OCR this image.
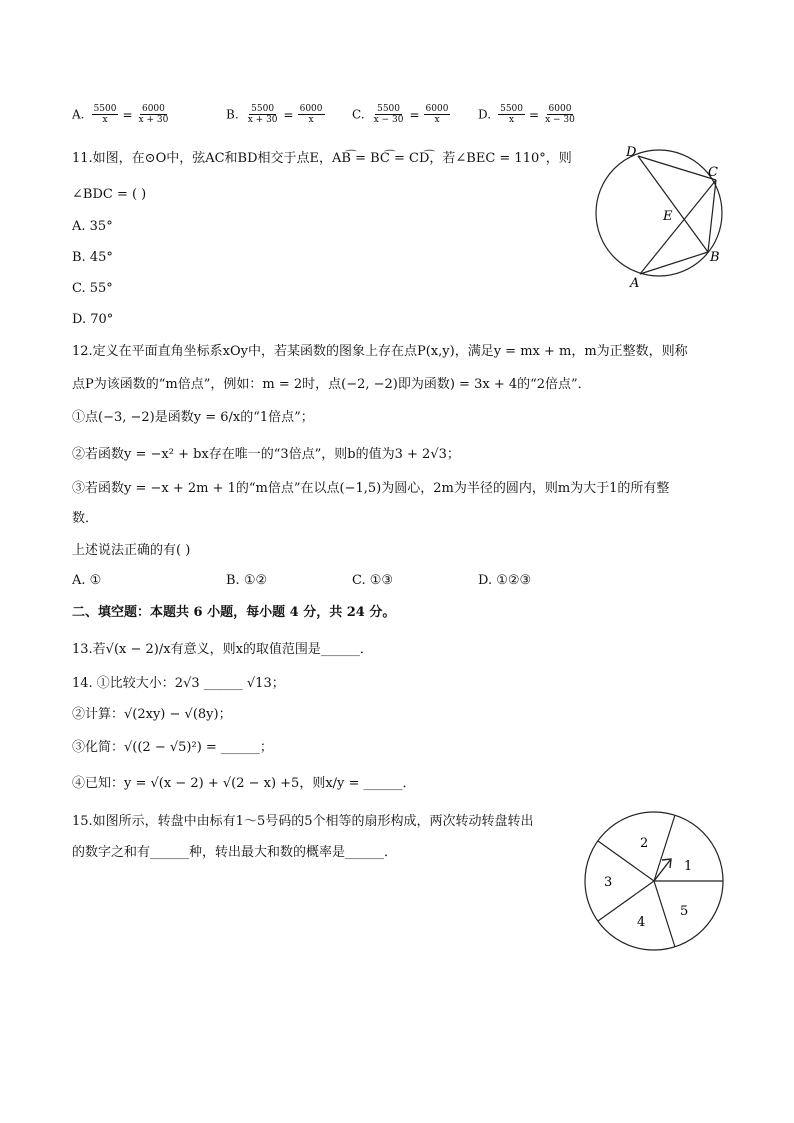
A. $\frac{5500}{x} = \frac{6000}{x + 30}$	B. $\frac{5500}{x + 30} = \frac{6000}{x} C$. $\frac{5500}{x - 30} = \frac{6000}{x} D$. $\frac{5500}{x} = \frac{6000}{x - 30}$
11.如图，在⊙O中，弦AC和BD相交于点E，AB͡ = BC͡ = CD͡，若∠BEC = 110°，则
∠BDC = ( )
A. 35°
B. 45°
C. 55°
D. 70°
D
C
E
B
A
12.定义在平面直角坐标系xOy中，若某函数的图象上存在点P(x,y)，满足y = mx + m，m为正整数，则称
点P为该函数的“m倍点”，例如：m = 2时，点(−2, −2)即为函数) = 3x + 4的“2倍点”．
①点(−3, −2)是函数y = 6/x的“1倍点”；
②若函数y = −x² + bx存在唯一的“3倍点”，则b的值为3 + 2√3；
③若函数y = −x + 2m + 1的“m倍点”在以点(−1,5)为圆心，2m为半径的圆内，则m为大于1的所有整
数．
上述说法正确的有( )
A. ①	B. ①②	C. ①③	D. ①②③
二、填空题：本题共 6 小题，每小题 4 分，共 24 分。
13.若√(x − 2)/x有意义，则x的取值范围是______．
14. ①比较大小：2√3 ______ √13；
②计算：√(2xy) − √(8y)；
③化简：√((2 − √5)²) = ______；
④已知：y = √(x − 2) + √(2 − x) +5，则x/y = ______．
15.如图所示，转盘中由标有1～5号码的5个相等的扇形构成，两次转动转盘转出
的数字之和有______种，转出最大和数的概率是______．
1
2
3
4
5
